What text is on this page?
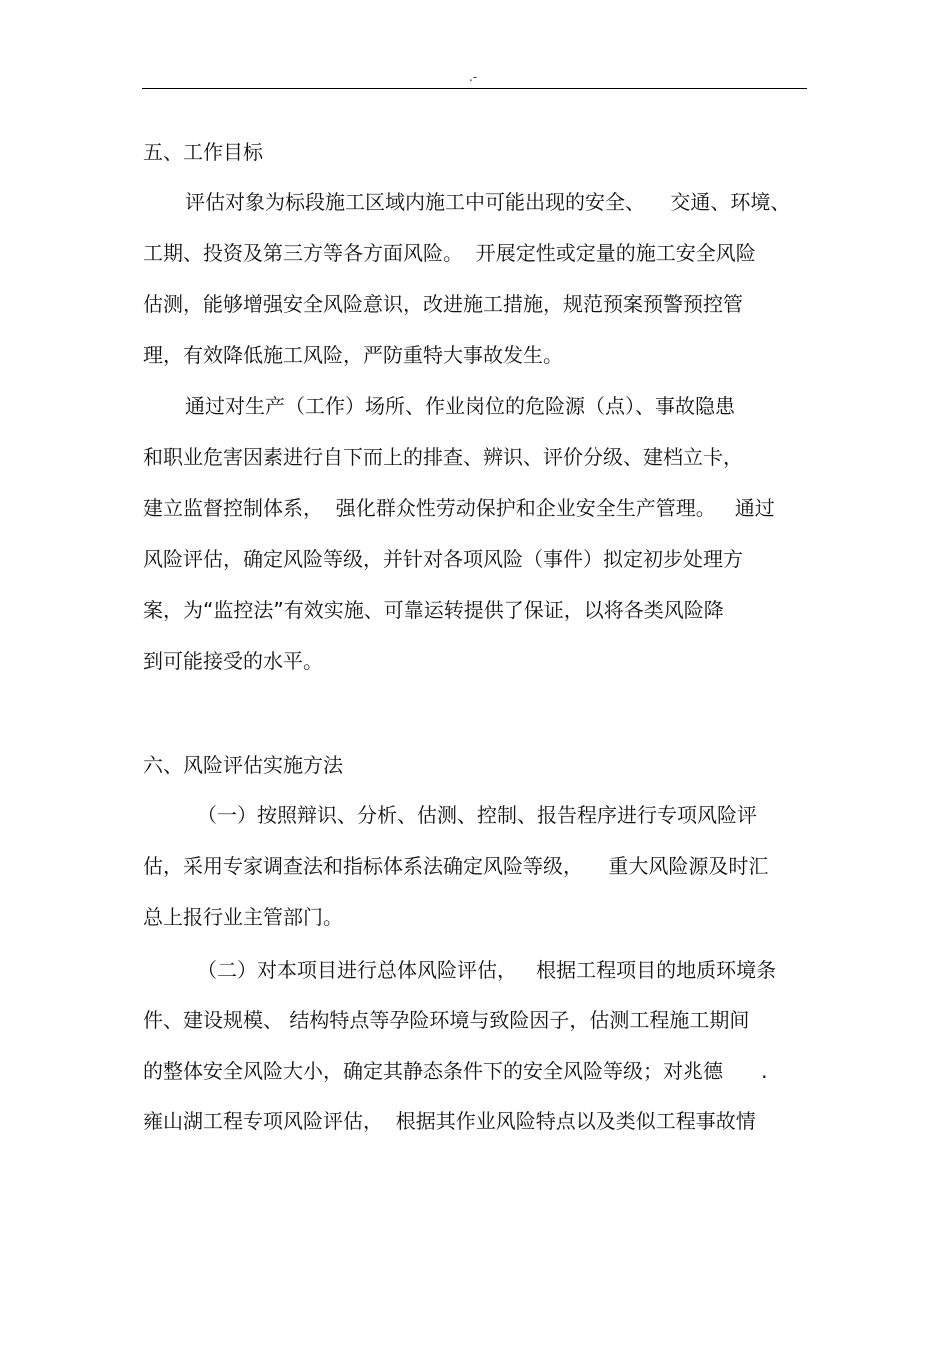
.-
五、工作目标
评估对象为标段施工区域内施工中可能出现的安全、    交通、环境、
工期、投资及第三方等各方面风险。  开展定性或定量的施工安全风险
估测，能够增强安全风险意识，改进施工措施，规范预案预警预控管
理，有效降低施工风险，严防重特大事故发生。
通过对生产（工作）场所、作业岗位的危险源（点）、事故隐患
和职业危害因素进行自下而上的排查、辨识、评价分级、建档立卡，
建立监督控制体系，  强化群众性劳动保护和企业安全生产管理。   通过
风险评估，确定风险等级，并针对各项风险（事件）拟定初步处理方
案，为“监控法”有效实施、可靠运转提供了保证，以将各类风险降
到可能接受的水平。
六、风险评估实施方法
（一）按照辩识、分析、估测、控制、报告程序进行专项风险评
估，采用专家调查法和指标体系法确定风险等级，    重大风险源及时汇
总上报行业主管部门。
（二）对本项目进行总体风险评估，   根据工程项目的地质环境条
件、建设规模、 结构特点等孕险环境与致险因子，估测工程施工期间
的整体安全风险大小，确定其静态条件下的安全风险等级；对兆德      .
雍山湖工程专项风险评估，  根据其作业风险特点以及类似工程事故情
